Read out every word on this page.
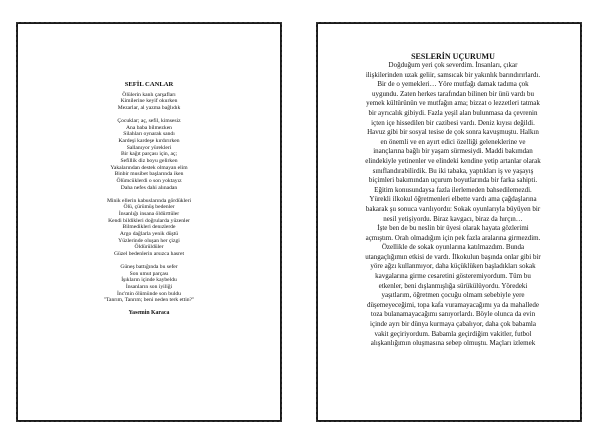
SEFİL CANLAR
Ölülerin kanlı çarşafları
Kimilerine keyif okurken
Mezarlar, al yazma bağlıdık
Çocuklar; aç, sefil, kimsesiz
Ana baba bilmezken
Silahları oynarak sandı
Kardeşi kardeşe kırdırırken
Sallanıyor yürekleri
Bir kağıt parçası için, aç;
Sefillik diz boyu gelirken
Yakalarından destek olmayan elim
Binbir musibet başlarında iken
Ölümcüklerdi o son yoktayız
Daha nefes dahi alınadan
Minik ellerin kabuslarında gördükleri
Ölü, çürümüş bedenler
İnsanlığı insana öldürttüler
Kendi bildikleri doğrularda yüzenler
Bilmedikleri denızlerde
Argo dağlarla yenik düştü
Yüzlerinde oluşan her çizgi
Öldürüldüler
Güzel bedenlerin arsızca hasret
Güneş battığında bu sefer
Son umut parçası
İşıkların içinde kaybeldu
İnsanların son iyiliği
İnc'min ölümünde son buldu
"Tanrım, Tanrım; beni neden terk ettin?"
Yasemin Karaca
SESLERİN UÇURUMU
Doğduğum yeri çok severdim. İnsanları, çıkar
ilişkilerinden uzak geliir, samsıcak bir yakınlık barındırırlardı.
Bir de o yemekleri… Yöre mutfağı damak tadıma çok
uygundu. Zaten herkes tarafından bilinen bir ünü vardı bu
yemek kültürünün ve mutfağın ama; bizzat o lezzetleri tatmak
bir ayrıcalık gibiydi. Fazla yeşil alan bulunmasa da çevrenin
içten içe hissedilen bir cazibesi vardı. Deniz kıyısı değildi.
Havuz gibi bir sosyal tesise de çok sonra kavuşmuştu. Halkın
en önemli ve en ayırt edici özelliği geleneklerine ve
inançlarına bağlı bir yaşam sürmesiydi. Maddi bakımdan
elindekiyle yetinenler ve elindeki kendine yetip artanlar olarak
sınıflandırabilirdik. Bu iki tabaka, yaptıkları iş ve yaşayış
biçimleri bakımından uçurum boyutlarında bir farka sahipti.
Eğitim konusundaysa fazla ilerlemeden bahsedilemezdi.
Yürekli ilkokul öğretmenleri elbette vardı ama çağdaşlarına
bakarak şu sonuca varılıyordu: Sokak oyunlarıyla büyüyen bir
nesil yetişiyordu. Biraz kavgacı, biraz da hırçın…
İşte ben de bu neslin bir üyesi olarak hayata gözlerimi
açmıştım. Orah olmadığım için pek fazla aralarına girmezdim.
Özellikle de sokak oyunlarına katılmazdım. Bunda
utangaçlığımın etkisi de vardı. İlkokulun başında onlar gibi bir
yöre ağzı kullanmıyor, daha küçüklüken başladıkları sokak
kavgalarına girme cesaretini gösteremiyordum. Tüm bu
etkenler, beni dışlanmışlığa sürükülüyordu. Yöredeki
yaşıtlarım, öğretmen çocuğu olmam sebebiyle yere
düşemeyeceğimi, topa kafa vuramayacağımı ya da mahallede
toza bulanamayacağımı sanıyorlardı. Böyle olunca da evin
içinde ayrı bir dünya kurmaya çabalıyor, daha çok babamla
vakit geçiriyordum. Babamla geçirdiğim vakitler, futbol
alışkanlığımın oluşmasına sebep olmuştu. Maçları izlemek
